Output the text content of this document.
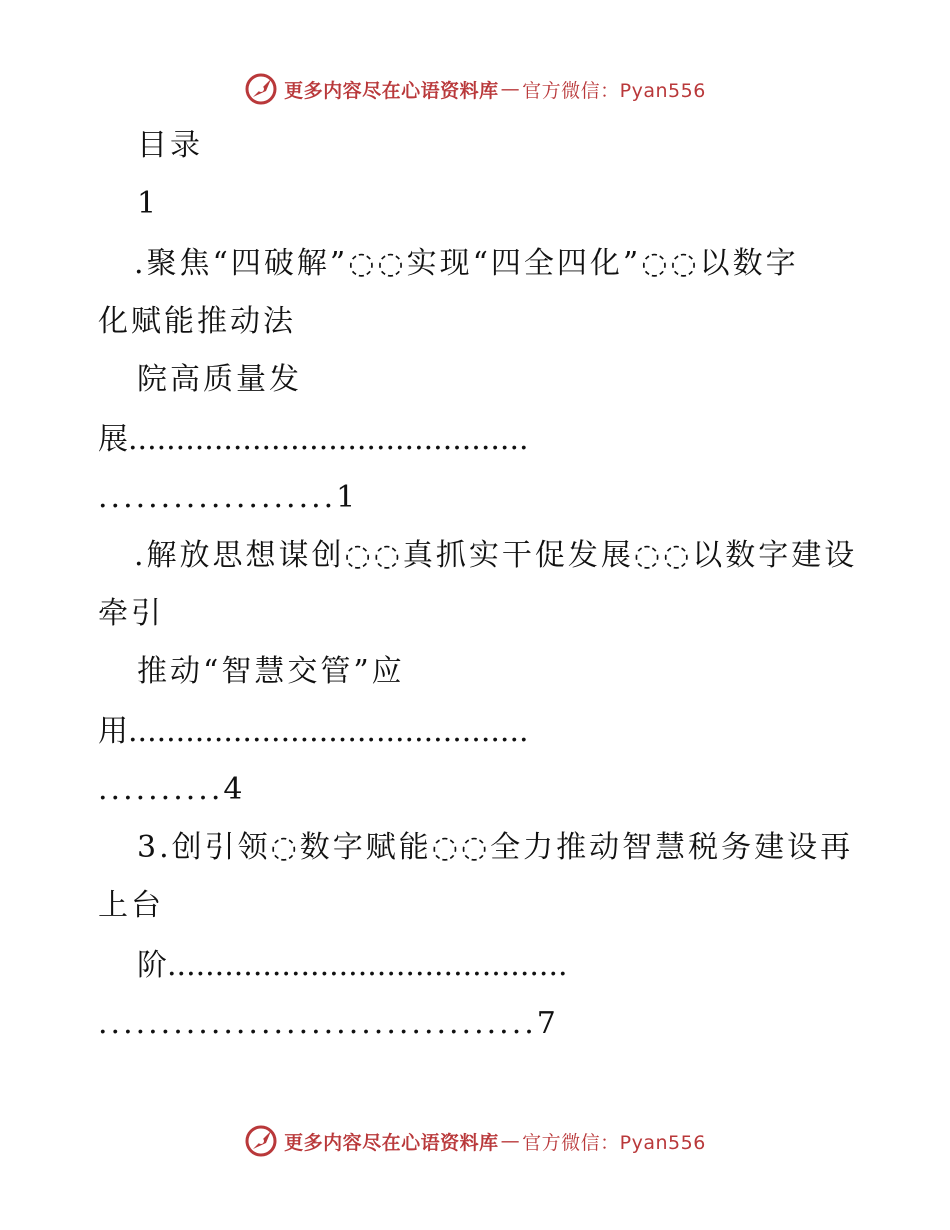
更多内容尽在心语资料库 — 官方微信：Pyan556
目录
1
.聚焦“四破解”◌◌实现“四全四化”◌◌以数字
化赋能推动法
院高质量发
展..........................................
...................1
.解放思想谋创◌◌真抓实干促发展◌◌以数字建设
牵引
推动“智慧交管”应
用..........................................
..........4
3.创引领◌数字赋能◌◌全力推动智慧税务建设再
上台
阶..........................................
...................................7
更多内容尽在心语资料库 — 官方微信：Pyan556
